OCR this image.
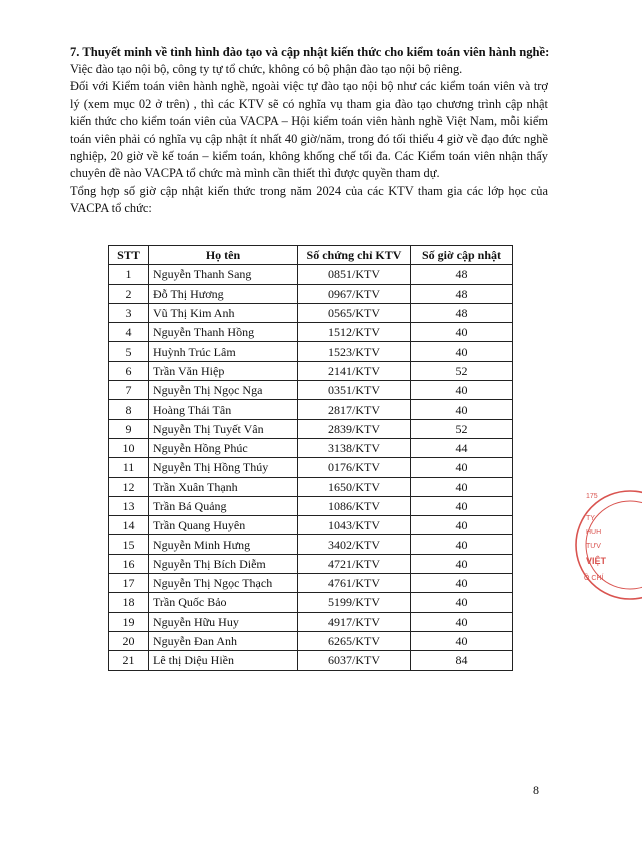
7. Thuyết minh về tình hình đào tạo và cập nhật kiến thức cho kiểm toán viên hành nghề:

Việc đào tạo nội bộ, công ty tự tổ chức, không có bộ phận đào tạo nội bộ riêng.

Đối với Kiểm toán viên hành nghề, ngoài việc tự đào tạo nội bộ như các kiểm toán viên và trợ lý (xem mục 02 ở trên) , thì các KTV sẽ có nghĩa vụ tham gia đào tạo chương trình cập nhật kiến thức cho kiểm toán viên của VACPA – Hội kiểm toán viên hành nghề Việt Nam, mỗi kiểm toán viên phải có nghĩa vụ cập nhật ít nhất 40 giờ/năm, trong đó tối thiểu 4 giờ về đạo đức nghề nghiệp, 20 giờ về kế toán – kiểm toán, không khống chế tối đa. Các Kiểm toán viên nhận thấy chuyên đề nào VACPA tổ chức mà mình cần thiết thì được quyền tham dự.

Tổng hợp số giờ cập nhật kiến thức trong năm 2024 của các KTV tham gia các lớp học của VACPA tổ chức:

STT	Họ tên	Số chứng chỉ KTV	Số giờ cập nhật
1	Nguyễn Thanh Sang	0851/KTV	48
2	Đỗ Thị Hương	0967/KTV	48
3	Vũ Thị Kim Anh	0565/KTV	48
4	Nguyễn Thanh Hồng	1512/KTV	40
5	Huỳnh Trúc Lâm	1523/KTV	40
6	Trần Văn Hiệp	2141/KTV	52
7	Nguyễn Thị Ngọc Nga	0351/KTV	40
8	Hoàng Thái Tân	2817/KTV	40
9	Nguyễn Thị Tuyết Vân	2839/KTV	52
10	Nguyễn Hồng Phúc	3138/KTV	44
11	Nguyễn Thị Hồng Thúy	0176/KTV	40
12	Trần Xuân Thạnh	1650/KTV	40
13	Trần Bá Quảng	1086/KTV	40
14	Trần Quang Huyên	1043/KTV	40
15	Nguyễn Minh Hưng	3402/KTV	40
16	Nguyễn Thị Bích Diễm	4721/KTV	40
17	Nguyễn Thị Ngọc Thạch	4761/KTV	40
18	Trần Quốc Bảo	5199/KTV	40
19	Nguyễn Hữu Huy	4917/KTV	40
20	Nguyễn Đan Anh	6265/KTV	40
21	Lê thị Diệu Hiền	6037/KTV	84
8
175
TY
HUH
TƯV
VIỆT
Ồ CHÍ
